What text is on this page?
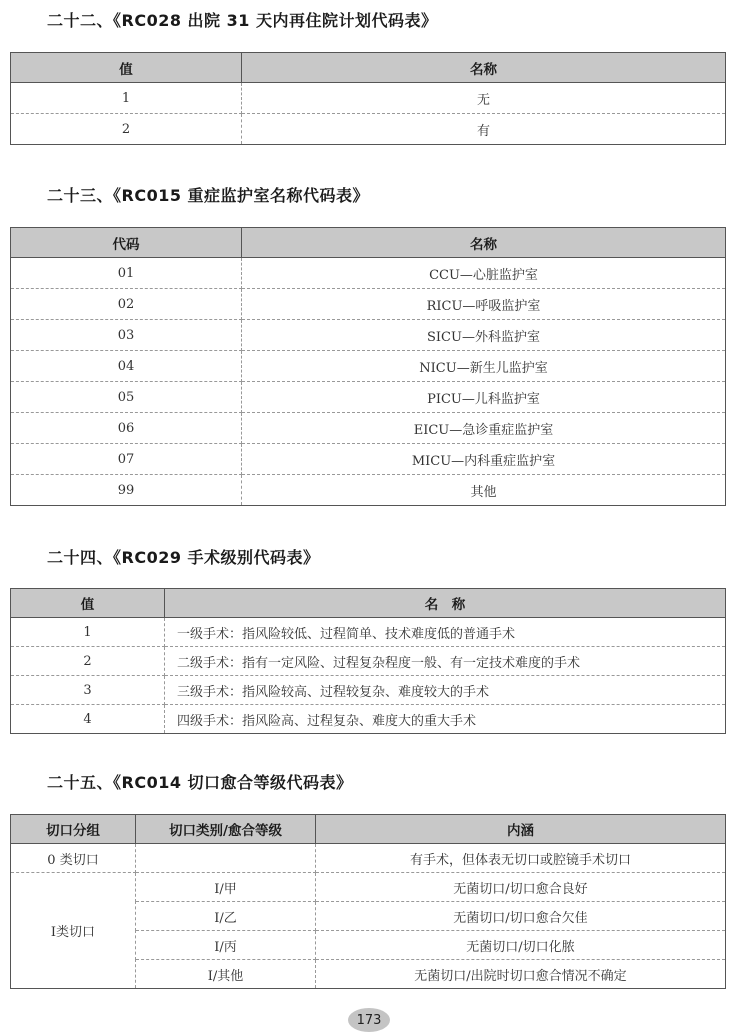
二十二、《RC028 出院 31 天内再住院计划代码表》
值	名称
1	无
2	有
二十三、《RC015 重症监护室名称代码表》
代码	名称
01	CCU—心脏监护室
02	RICU—呼吸监护室
03	SICU—外科监护室
04	NICU—新生儿监护室
05	PICU—儿科监护室
06	EICU—急诊重症监护室
07	MICU—内科重症监护室
99	其他
二十四、《RC029 手术级别代码表》
值	名　称
1	一级手术：指风险较低、过程简单、技术难度低的普通手术
2	二级手术：指有一定风险、过程复杂程度一般、有一定技术难度的手术
3	三级手术：指风险较高、过程较复杂、难度较大的手术
4	四级手术：指风险高、过程复杂、难度大的重大手术
二十五、《RC014 切口愈合等级代码表》
切口分组	切口类别/愈合等级	内涵
0 类切口		有手术，但体表无切口或腔镜手术切口
Ⅰ类切口	Ⅰ/甲	无菌切口/切口愈合良好
	Ⅰ/乙	无菌切口/切口愈合欠佳
	Ⅰ/丙	无菌切口/切口化脓
	Ⅰ/其他	无菌切口/出院时切口愈合情况不确定
173
